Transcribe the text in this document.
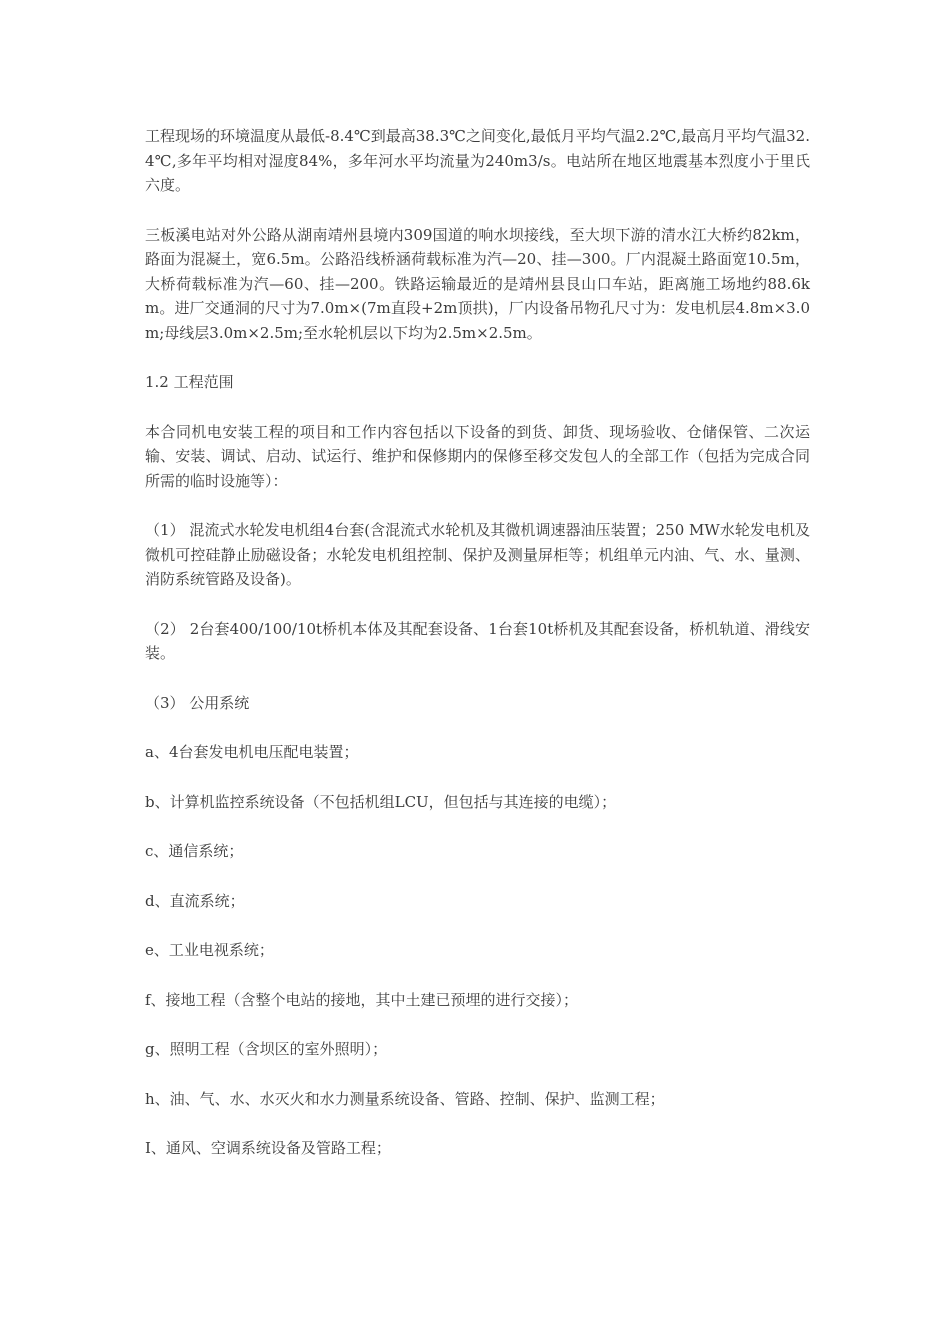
工程现场的环境温度从最低-8.4℃到最高38.3℃之间变化,最低月平均气温2.2℃,最高月平均气温32.4℃,多年平均相对湿度84%，多年河水平均流量为240m3/s。电站所在地区地震基本烈度小于里氏六度。

三板溪电站对外公路从湖南靖州县境内309国道的响水坝接线，至大坝下游的清水江大桥约82km，路面为混凝土，宽6.5m。公路沿线桥涵荷载标准为汽—20、挂—300。厂内混凝土路面宽10.5m，大桥荷载标准为汽—60、挂—200。铁路运输最近的是靖州县艮山口车站，距离施工场地约88.6km。进厂交通洞的尺寸为7.0m×(7m直段+2m顶拱)，厂内设备吊物孔尺寸为：发电机层4.8m×3.0m;母线层3.0m×2.5m;至水轮机层以下均为2.5m×2.5m。

1.2 工程范围

本合同机电安装工程的项目和工作内容包括以下设备的到货、卸货、现场验收、仓储保管、二次运输、安装、调试、启动、试运行、维护和保修期内的保修至移交发包人的全部工作（包括为完成合同所需的临时设施等）：

（1） 混流式水轮发电机组4台套(含混流式水轮机及其微机调速器油压装置；250 MW水轮发电机及微机可控硅静止励磁设备；水轮发电机组控制、保护及测量屏柜等；机组单元内油、气、水、量测、消防系统管路及设备)。

（2） 2台套400/100/10t桥机本体及其配套设备、1台套10t桥机及其配套设备，桥机轨道、滑线安装。

（3） 公用系统

a、4台套发电机电压配电装置；

b、计算机监控系统设备（不包括机组LCU，但包括与其连接的电缆）；

c、通信系统；

d、直流系统；

e、工业电视系统；

f、接地工程（含整个电站的接地，其中土建已预埋的进行交接）；

g、照明工程（含坝区的室外照明）；

h、油、气、水、水灭火和水力测量系统设备、管路、控制、保护、监测工程；

I、通风、空调系统设备及管路工程；
